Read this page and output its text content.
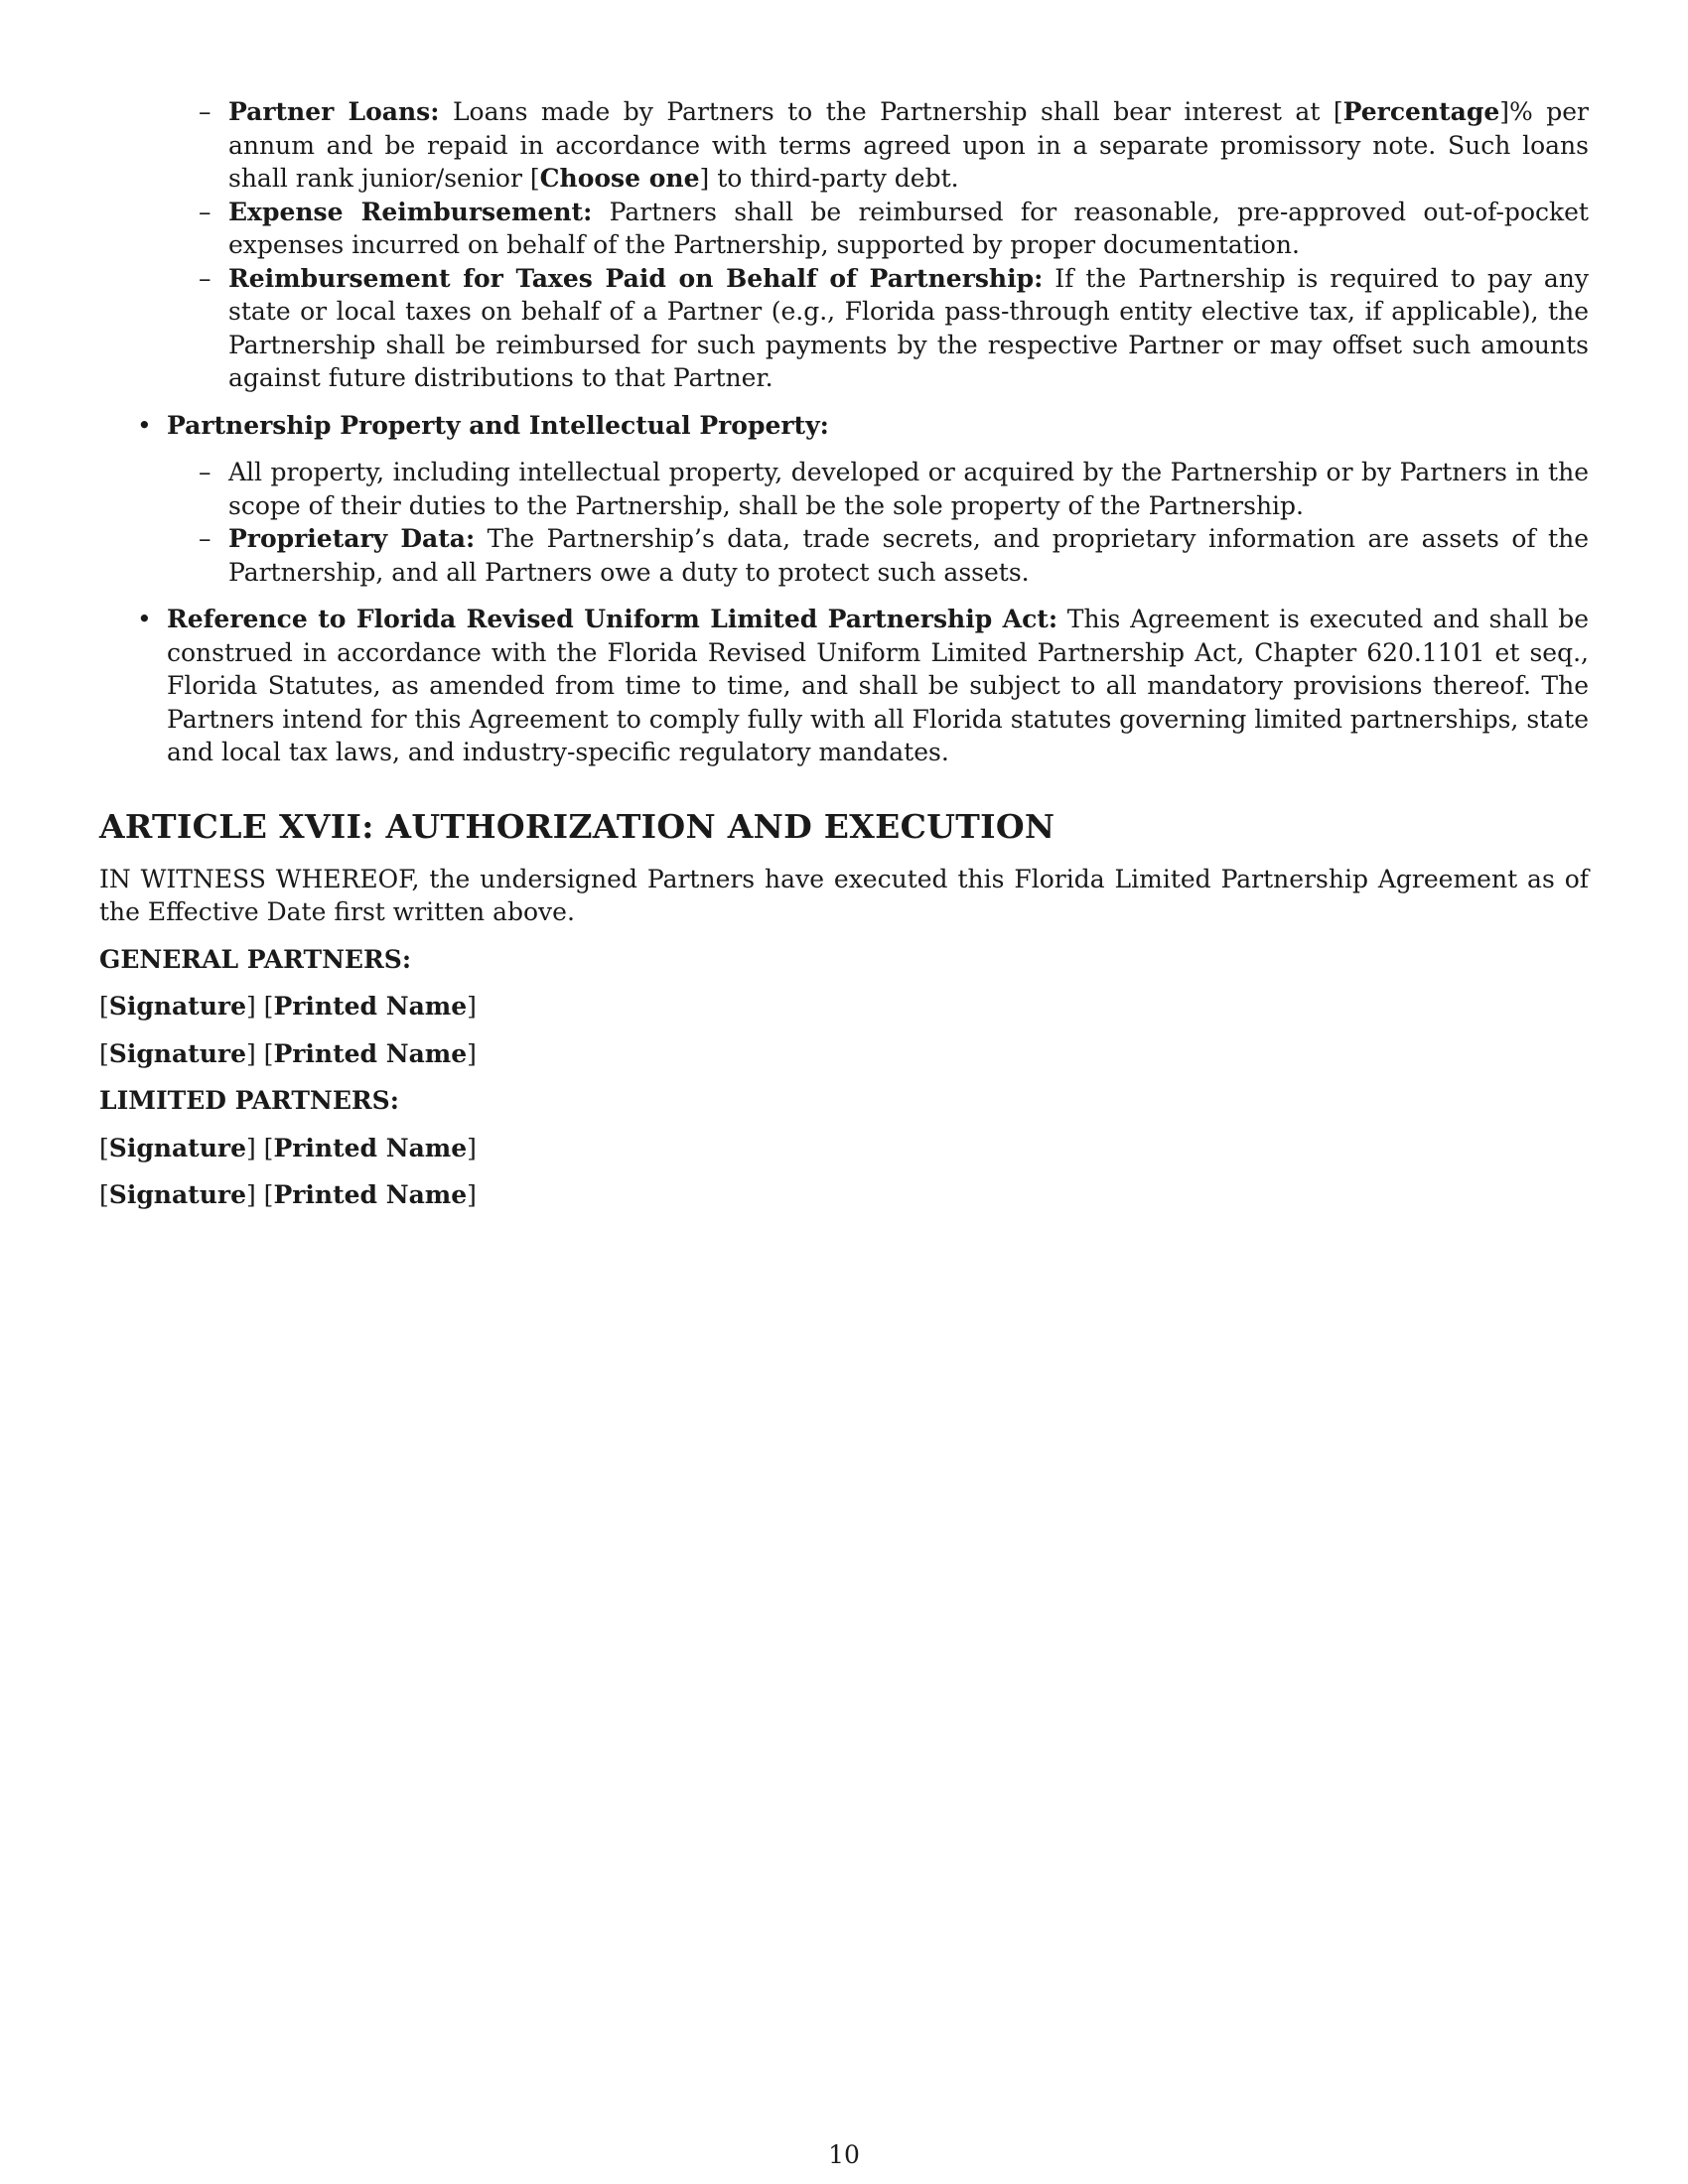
– Partner Loans: Loans made by Partners to the Partnership shall bear interest at [Percentage]% per annum and be repaid in accordance with terms agreed upon in a separate promissory note. Such loans shall rank junior/senior [Choose one] to third-party debt.
– Expense Reimbursement: Partners shall be reimbursed for reasonable, pre-approved out-of-pocket expenses incurred on behalf of the Partnership, supported by proper documentation.
– Reimbursement for Taxes Paid on Behalf of Partnership: If the Partnership is required to pay any state or local taxes on behalf of a Partner (e.g., Florida pass-through entity elective tax, if applicable), the Partnership shall be reimbursed for such payments by the respective Partner or may offset such amounts against future distributions to that Partner.
• Partnership Property and Intellectual Property:
– All property, including intellectual property, developed or acquired by the Partnership or by Partners in the scope of their duties to the Partnership, shall be the sole property of the Partnership.
– Proprietary Data: The Partnership’s data, trade secrets, and proprietary information are assets of the Partnership, and all Partners owe a duty to protect such assets.
• Reference to Florida Revised Uniform Limited Partnership Act: This Agreement is executed and shall be construed in accordance with the Florida Revised Uniform Limited Partnership Act, Chapter 620.1101 et seq., Florida Statutes, as amended from time to time, and shall be subject to all mandatory provisions thereof. The Partners intend for this Agreement to comply fully with all Florida statutes governing limited partnerships, state and local tax laws, and industry-specific regulatory mandates.
ARTICLE XVII: AUTHORIZATION AND EXECUTION

IN WITNESS WHEREOF, the undersigned Partners have executed this Florida Limited Partnership Agreement as of the Effective Date first written above.

GENERAL PARTNERS:
[Signature] [Printed Name]
[Signature] [Printed Name]
LIMITED PARTNERS:
[Signature] [Printed Name]
[Signature] [Printed Name]
10
